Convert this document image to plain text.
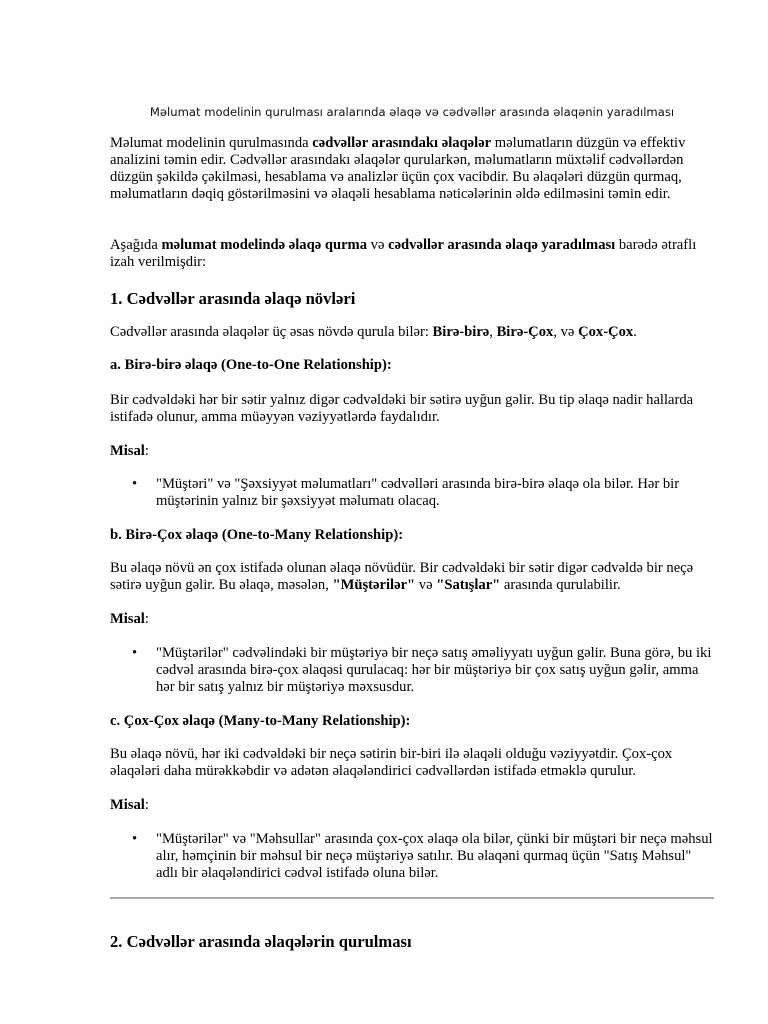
Məlumat modelinin qurulması aralarında əlaqə və cədvəllər arasında əlaqənin yaradılması

Məlumat modelinin qurulmasında cədvəllər arasındakı əlaqələr məlumatların düzgün və effektiv analizini təmin edir. Cədvəllər arasındakı əlaqələr qurularkən, məlumatların müxtəlif cədvəllərdən düzgün şəkildə çəkilməsi, hesablama və analizlər üçün çox vacibdir. Bu əlaqələri düzgün qurmaq, məlumatların dəqiq göstərilməsini və əlaqəli hesablama nəticələrinin əldə edilməsini təmin edir.

Aşağıda məlumat modelində əlaqə qurma və cədvəllər arasında əlaqə yaradılması barədə ətraflı izah verilmişdir:

1. Cədvəllər arasında əlaqə növləri

Cədvəllər arasında əlaqələr üç əsas növdə qurula bilər: Birə-birə, Birə-Çox, və Çox-Çox.

a. Birə-birə əlaqə (One-to-One Relationship):

Bir cədvəldəki hər bir sətir yalnız digər cədvəldəki bir sətirə uyğun gəlir. Bu tip əlaqə nadir hallarda istifadə olunur, amma müəyyən vəziyyətlərdə faydalıdır.

Misal:

• "Müştəri" və "Şəxsiyyət məlumatları" cədvəlləri arasında birə-birə əlaqə ola bilər. Hər bir müştərinin yalnız bir şəxsiyyət məlumatı olacaq.
b. Birə-Çox əlaqə (One-to-Many Relationship):

Bu əlaqə növü ən çox istifadə olunan əlaqə növüdür. Bir cədvəldəki bir sətir digər cədvəldə bir neçə sətirə uyğun gəlir. Bu əlaqə, məsələn, "Müştərilər" və "Satışlar" arasında qurulabilir.

Misal:

• "Müştərilər" cədvəlindəki bir müştəriyə bir neçə satış əməliyyatı uyğun gəlir. Buna görə, bu iki cədvəl arasında birə-çox əlaqəsi qurulacaq: hər bir müştəriyə bir çox satış uyğun gəlir, amma hər bir satış yalnız bir müştəriyə məxsusdur.
c. Çox-Çox əlaqə (Many-to-Many Relationship):

Bu əlaqə növü, hər iki cədvəldəki bir neçə sətirin bir-biri ilə əlaqəli olduğu vəziyyətdir. Çox-çox əlaqələri daha mürəkkəbdir və adətən əlaqələndirici cədvəllərdən istifadə etməklə qurulur.

Misal:

• "Müştərilər" və "Məhsullar" arasında çox-çox əlaqə ola bilər, çünki bir müştəri bir neçə məhsul alır, həmçinin bir məhsul bir neçə müştəriyə satılır. Bu əlaqəni qurmaq üçün "Satış Məhsul" adlı bir əlaqələndirici cədvəl istifadə oluna bilər.
2. Cədvəllər arasında əlaqələrin qurulması
